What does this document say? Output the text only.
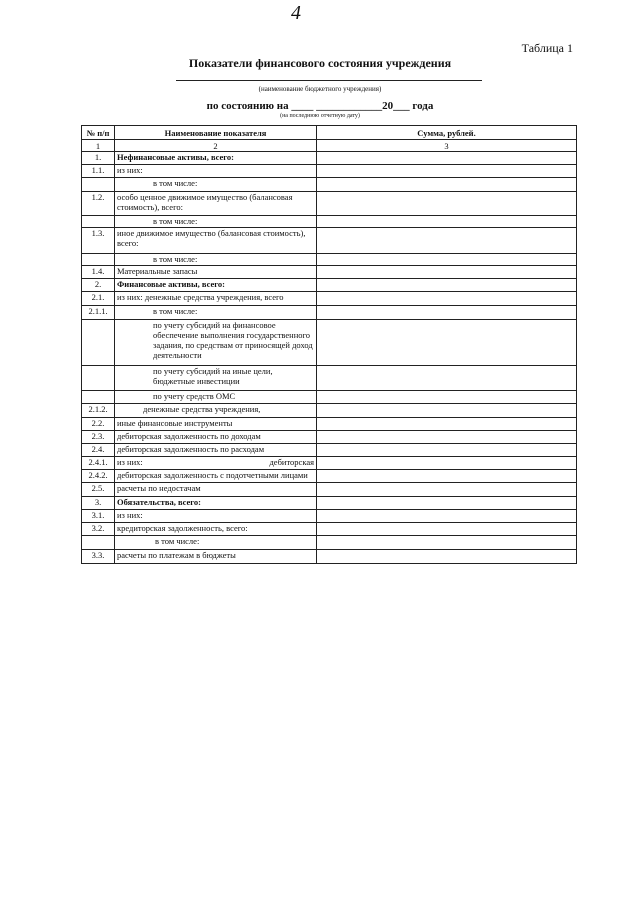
4
Таблица 1
Показатели финансового состояния учреждения
(наименование бюджетного учреждения)
по состоянию на ____ ____________20___ года
(на последнюю отчетную дату)
№ п/п	Наименование показателя	Сумма, рублей.
1	2	3
1.	Нефинансовые активы, всего:	
1.1.	из них:	
	в том числе:	
1.2.	особо ценное движимое имущество (балансовая стоимость), всего:	
	в том числе:	
1.3.	иное движимое имущество (балансовая стоимость), всего:	
	в том числе:	
1.4.	Материальные запасы	
2.	Финансовые активы, всего:	
2.1.	из них: денежные средства учреждения, всего	
2.1.1.	в том числе:	
	по учету субсидий на финансовое обеспечение выполнения государственного задания, по средствам от приносящей доход деятельности	
	по учету субсидий на иные цели, бюджетные инвестиции	
	по учету средств ОМС	
2.1.2.	денежные средства учреждения,	
2.2.	иные финансовые инструменты	
2.3.	дебиторская задолженность по доходам	
2.4.	дебиторская задолженность по расходам	
2.4.1.	из них: дебиторская	

2.4.2.	дебиторская задолженность с подотчетными лицами	
2.5.	расчеты по недостачам	
3.	Обязательства, всего:	
3.1.	из них:	
3.2.	кредиторская задолженность, всего:	
	в том числе:	
3.3.	расчеты по платежам в бюджеты	
